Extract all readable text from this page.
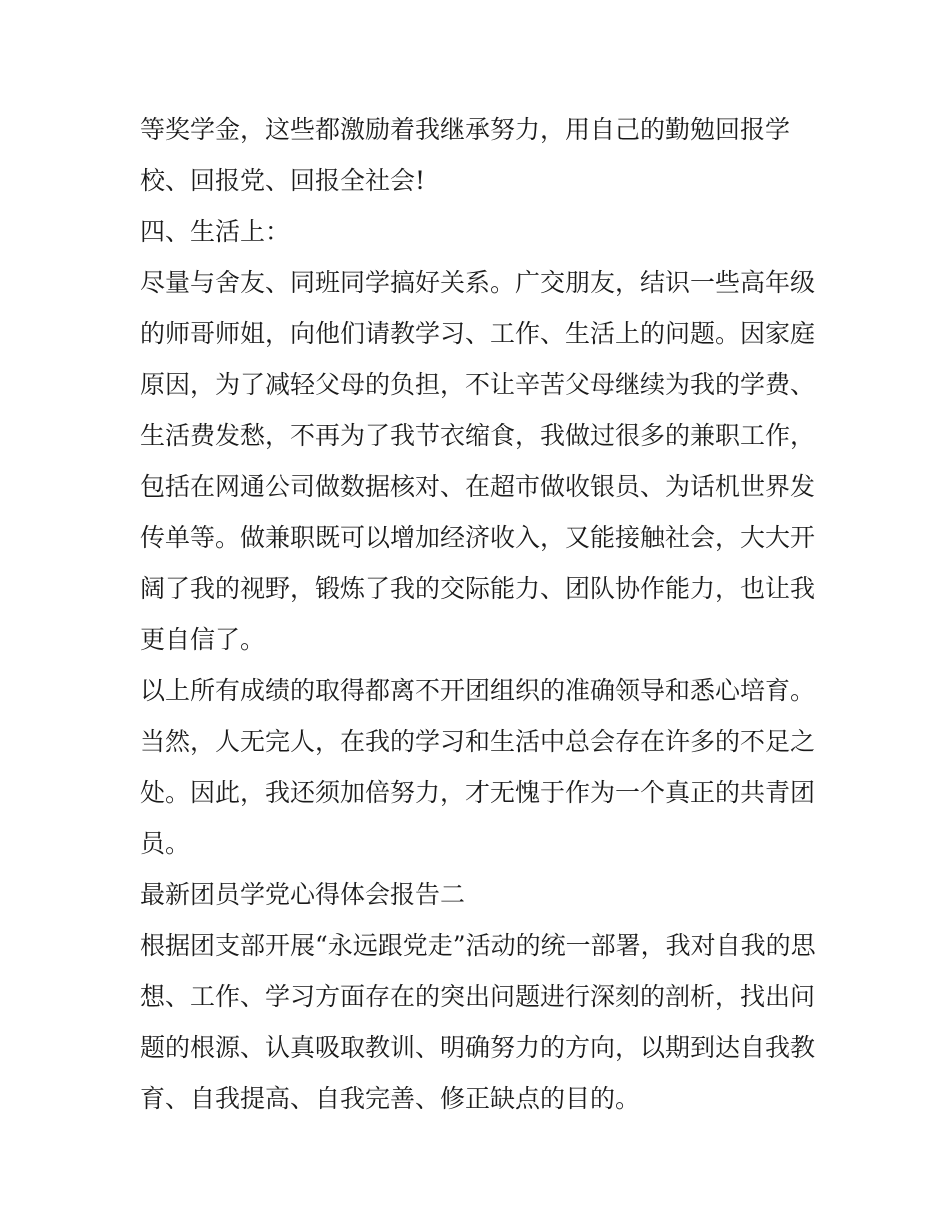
等奖学金，这些都激励着我继承努力，用自己的勤勉回报学
校、回报党、回报全社会!
四、生活上：
尽量与舍友、同班同学搞好关系。广交朋友，结识一些高年级
的师哥师姐，向他们请教学习、工作、生活上的问题。因家庭
原因，为了减轻父母的负担，不让辛苦父母继续为我的学费、
生活费发愁，不再为了我节衣缩食，我做过很多的兼职工作，
包括在网通公司做数据核对、在超市做收银员、为话机世界发
传单等。做兼职既可以增加经济收入，又能接触社会，大大开
阔了我的视野，锻炼了我的交际能力、团队协作能力，也让我
更自信了。
以上所有成绩的取得都离不开团组织的准确领导和悉心培育。
当然，人无完人，在我的学习和生活中总会存在许多的不足之
处。因此，我还须加倍努力，才无愧于作为一个真正的共青团
员。
最新团员学党心得体会报告二
根据团支部开展“永远跟党走”活动的统一部署，我对自我的思
想、工作、学习方面存在的突出问题进行深刻的剖析，找出问
题的根源、认真吸取教训、明确努力的方向，以期到达自我教
育、自我提高、自我完善、修正缺点的目的。
